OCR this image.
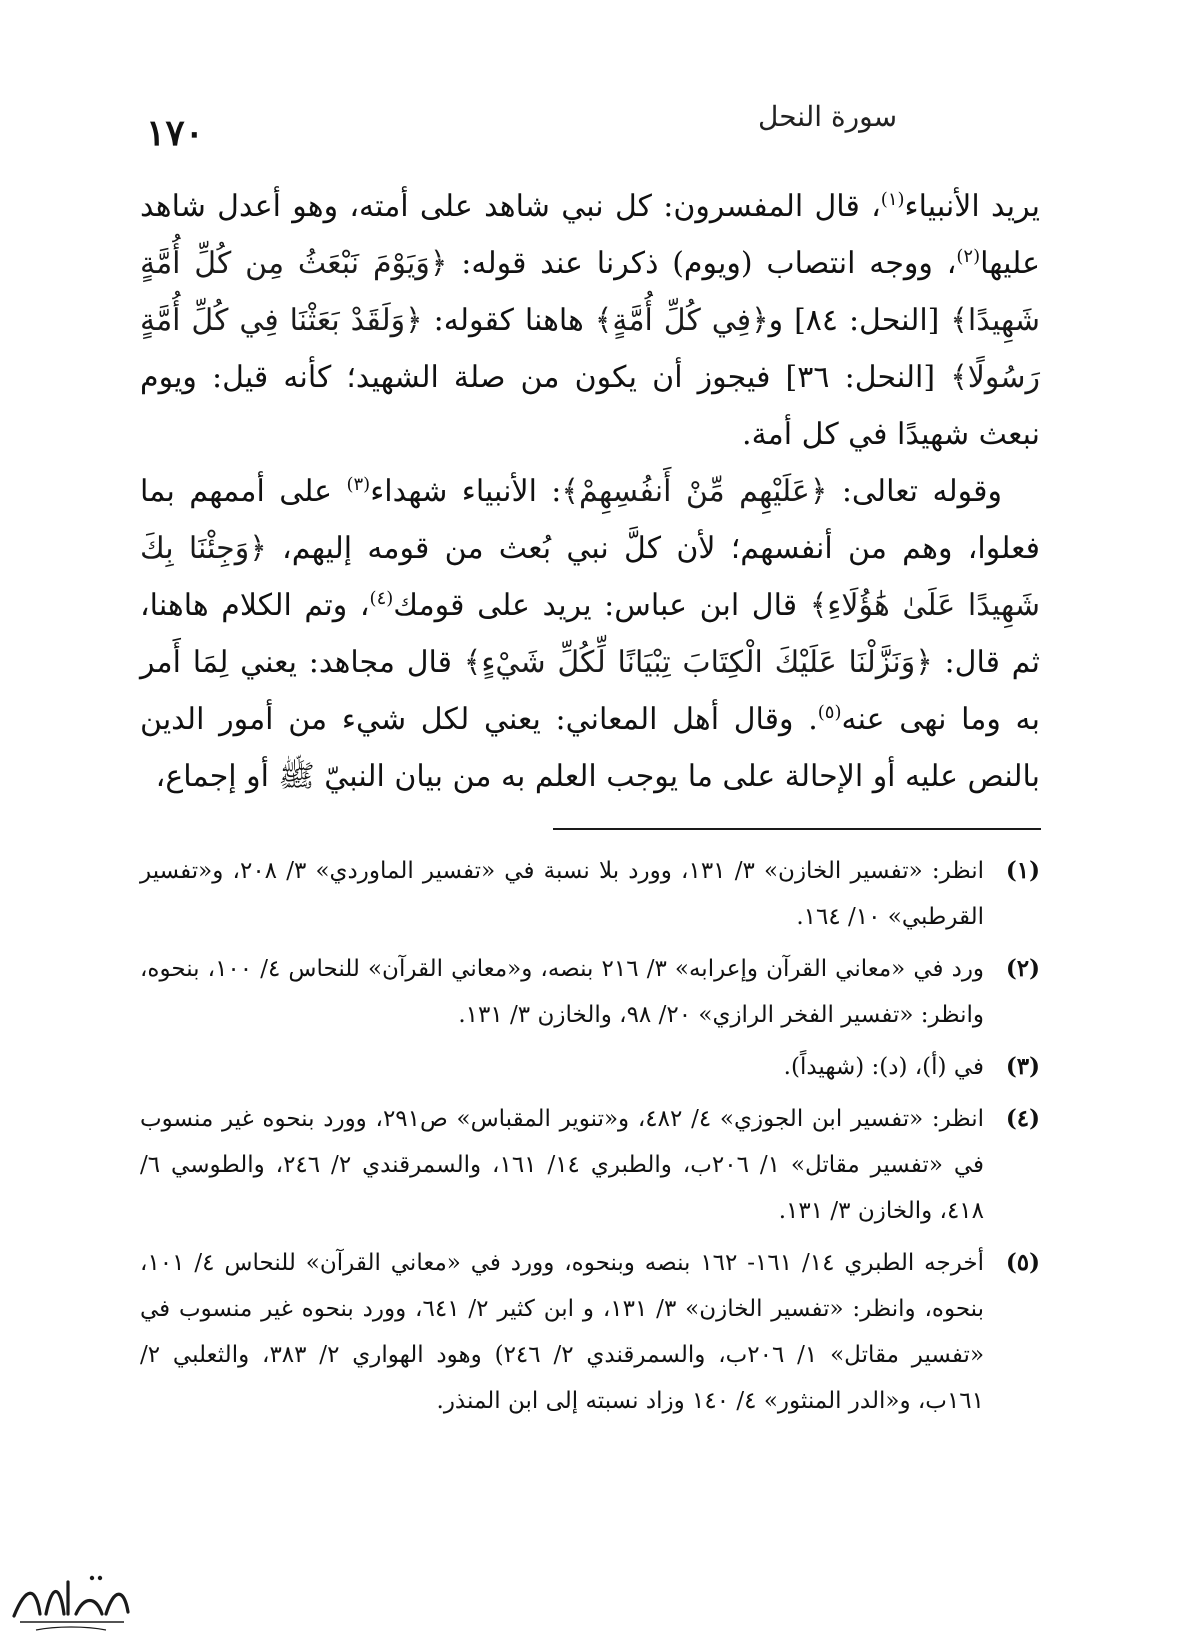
سورة النحل
١٧٠

يريد الأنبياء$^{(١)}$، قال المفسرون: كل نبي شاهد على أمته، وهو أعدل شاهد عليها$^{(٢)}$، ووجه انتصاب (ويوم) ذكرنا عند قوله: ﴿وَيَوْمَ نَبْعَثُ مِن كُلِّ أُمَّةٍ شَهِيدًا﴾ [النحل: ٨٤] و﴿فِي كُلِّ أُمَّةٍ﴾ هاهنا كقوله: ﴿وَلَقَدْ بَعَثْنَا فِي كُلِّ أُمَّةٍ رَسُولًا﴾ [النحل: ٣٦] فيجوز أن يكون من صلة الشهيد؛ كأنه قيل: ويوم نبعث شهيدًا في كل أمة.

وقوله تعالى: ﴿عَلَيْهِم مِّنْ أَنفُسِهِمْ﴾: الأنبياء شهداء$^{(٣)}$ على أممهم بما فعلوا، وهم من أنفسهم؛ لأن كلَّ نبي بُعث من قومه إليهم، ﴿وَجِئْنَا بِكَ شَهِيدًا عَلَىٰ هَٰؤُلَاءِ﴾ قال ابن عباس: يريد على قومك$^{(٤)}$، وتم الكلام هاهنا، ثم قال: ﴿وَنَزَّلْنَا عَلَيْكَ الْكِتَابَ تِبْيَانًا لِّكُلِّ شَيْءٍ﴾ قال مجاهد: يعني لِمَا أَمر به وما نهى عنه$^{(٥)}$. وقال أهل المعاني: يعني لكل شيء من أمور الدين بالنص عليه أو الإحالة على ما يوجب العلم به من بيان النبيّ ﷺ أو إجماع،

(١)
انظر: «تفسير الخازن» ٣/ ١٣١، وورد بلا نسبة في «تفسير الماوردي» ٣/ ٢٠٨، و«تفسير القرطبي» ١٠/ ١٦٤.
(٢)
ورد في «معاني القرآن وإعرابه» ٣/ ٢١٦ بنصه، و«معاني القرآن» للنحاس ٤/ ١٠٠، بنحوه، وانظر: «تفسير الفخر الرازي» ٢٠/ ٩٨، والخازن ٣/ ١٣١.
(٣)
في (أ)، (د): (شهيداً).
(٤)
انظر: «تفسير ابن الجوزي» ٤/ ٤٨٢، و«تنوير المقباس» ص٢٩١، وورد بنحوه غير منسوب في «تفسير مقاتل» ١/ ٢٠٦ب، والطبري ١٤/ ١٦١، والسمرقندي ٢/ ٢٤٦، والطوسي ٦/ ٤١٨، والخازن ٣/ ١٣١.
(٥)
أخرجه الطبري ١٤/ ١٦١- ١٦٢ بنصه وبنحوه، وورد في «معاني القرآن» للنحاس ٤/ ١٠١، بنحوه، وانظر: «تفسير الخازن» ٣/ ١٣١، و ابن كثير ٢/ ٦٤١، وورد بنحوه غير منسوب في «تفسير مقاتل» ١/ ٢٠٦ب، والسمرقندي ٢/ ٢٤٦) وهود الهواري ٢/ ٣٨٣، والثعلبي ٢/ ١٦١ب، و«الدر المنثور» ٤/ ١٤٠ وزاد نسبته إلى ابن المنذر.
